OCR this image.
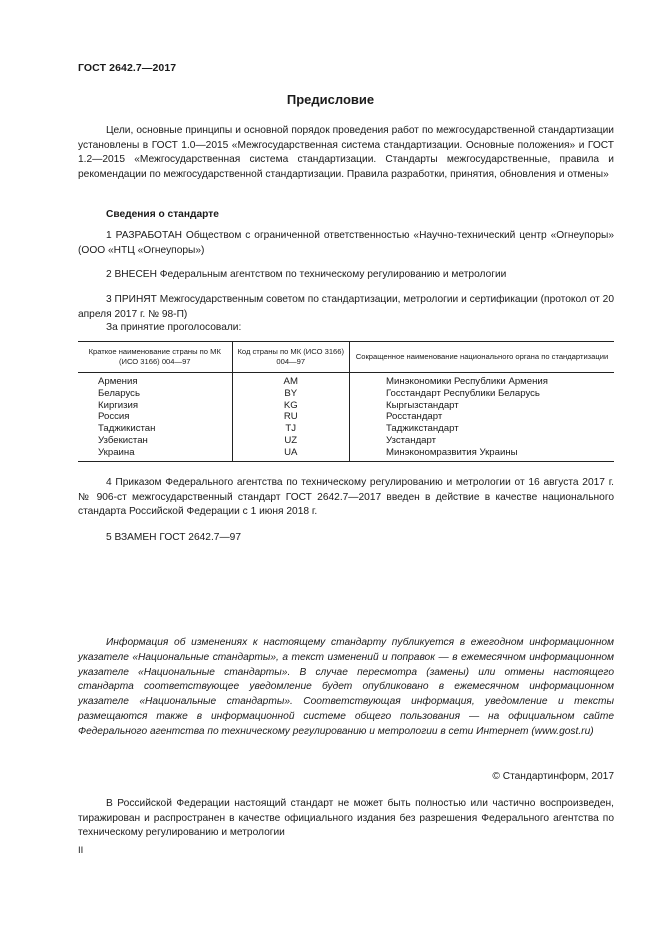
ГОСТ 2642.7—2017
Предисловие
Цели, основные принципы и основной порядок проведения работ по межгосударственной стандартизации установлены в ГОСТ 1.0—2015 «Межгосударственная система стандартизации. Основные положения» и ГОСТ 1.2—2015 «Межгосударственная система стандартизации. Стандарты межгосударственные, правила и рекомендации по межгосударственной стандартизации. Правила разработки, принятия, обновления и отмены»
Сведения о стандарте
1 РАЗРАБОТАН Обществом с ограниченной ответственностью «Научно-технический центр «Огнеупоры» (ООО «НТЦ «Огнеупоры»)
2 ВНЕСЕН Федеральным агентством по техническому регулированию и метрологии
3 ПРИНЯТ Межгосударственным советом по стандартизации, метрологии и сертификации (протокол от 20 апреля 2017 г. № 98-П)
За принятие проголосовали:
Краткое наименование страны по МК (ИСО 3166) 004—97	Код страны по МК (ИСО 3166) 004—97	Сокращенное наименование национального органа по стандартизации
Армения	AM	Минэкономики Республики Армения
Беларусь	BY	Госстандарт Республики Беларусь
Киргизия	KG	Кыргызстандарт
Россия	RU	Росстандарт
Таджикистан	TJ	Таджикстандарт
Узбекистан	UZ	Узстандарт
Украина	UA	Минэкономразвития Украины
4 Приказом Федерального агентства по техническому регулированию и метрологии от 16 августа 2017 г. № 906-ст межгосударственный стандарт ГОСТ 2642.7—2017 введен в действие в качестве национального стандарта Российской Федерации с 1 июня 2018 г.
5 ВЗАМЕН ГОСТ 2642.7—97
Информация об изменениях к настоящему стандарту публикуется в ежегодном информационном указателе «Национальные стандарты», а текст изменений и поправок — в ежемесячном информационном указателе «Национальные стандарты». В случае пересмотра (замены) или отмены настоящего стандарта соответствующее уведомление будет опубликовано в ежемесячном информационном указателе «Национальные стандарты». Соответствующая информация, уведомление и тексты размещаются также в информационной системе общего пользования — на официальном сайте Федерального агентства по техническому регулированию и метрологии в сети Интернет (www.gost.ru)
© Стандартинформ, 2017
В Российской Федерации настоящий стандарт не может быть полностью или частично воспроизведен, тиражирован и распространен в качестве официального издания без разрешения Федерального агентства по техническому регулированию и метрологии
II
